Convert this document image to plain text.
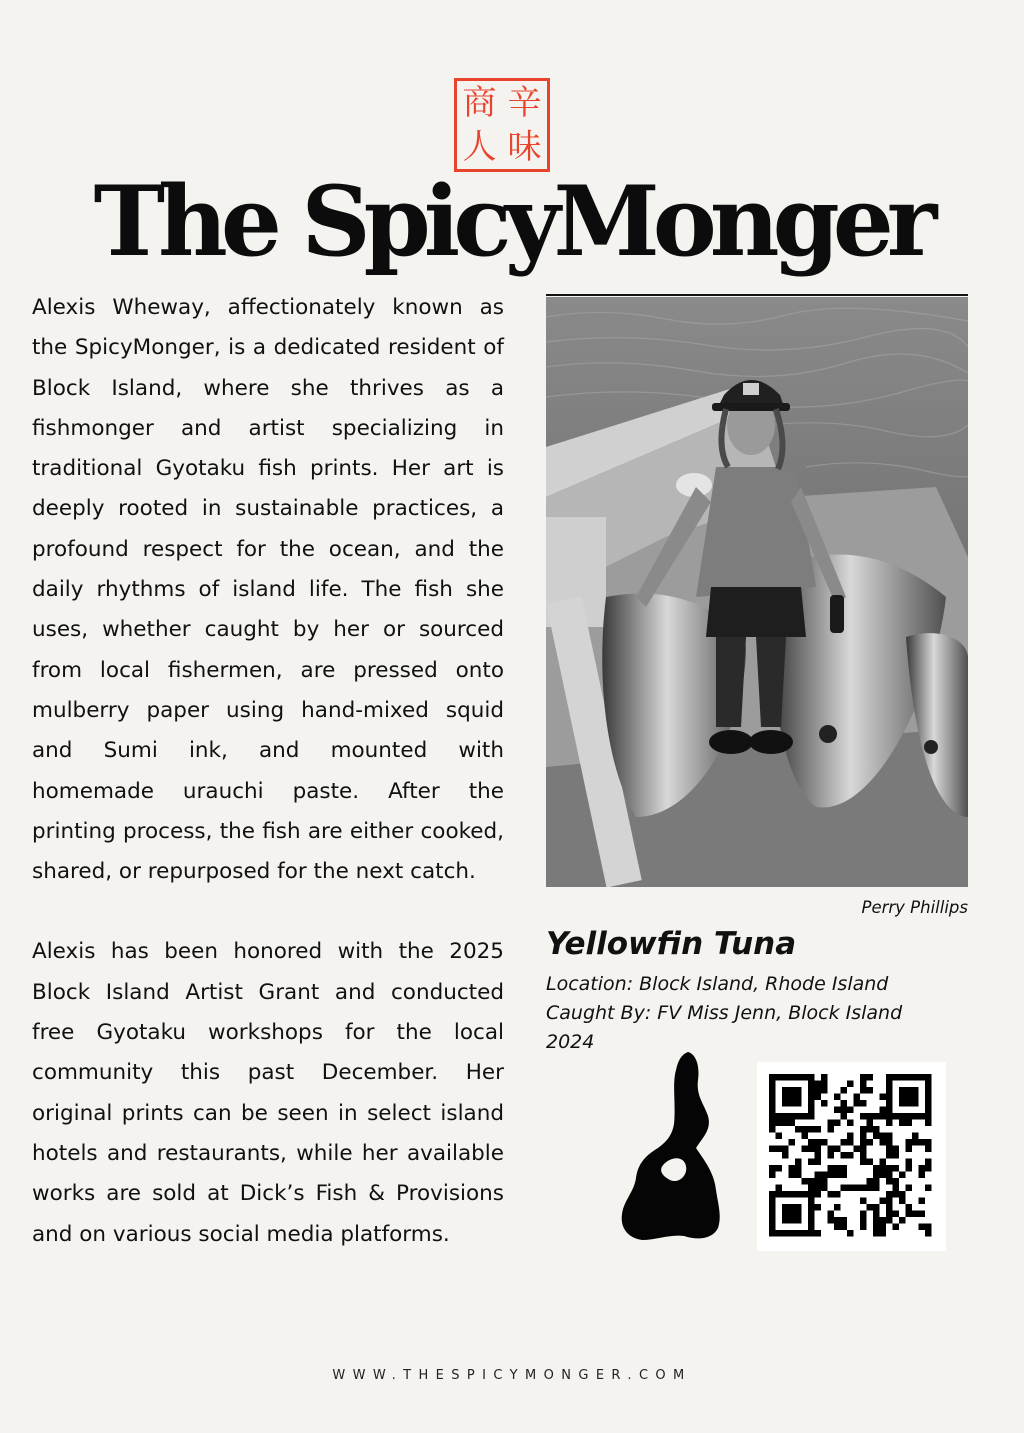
商 辛
人 味
The SpicyMonger

Alexis Wheway, affectionately known as the SpicyMonger, is a dedicated resident of Block Island, where she thrives as a fishmonger and artist specializing in traditional Gyotaku fish prints. Her art is deeply rooted in sustainable practices, a profound respect for the ocean, and the daily rhythms of island life. The fish she uses, whether caught by her or sourced from local fishermen, are pressed onto mulberry paper using hand-mixed squid and Sumi ink, and mounted with homemade urauchi paste. After the printing process, the fish are either cooked, shared, or repurposed for the next catch.

Alexis has been honored with the 2025 Block Island Artist Grant and conducted free Gyotaku workshops for the local community this past December. Her original prints can be seen in select island hotels and restaurants, while her available works are sold at Dick’s Fish & Provisions and on various social media platforms.

Perry Phillips
Yellowfin Tuna
Location: Block Island, Rhode Island
Caught By: FV Miss Jenn, Block Island
2024
WWW.THESPICYMONGER.COM
